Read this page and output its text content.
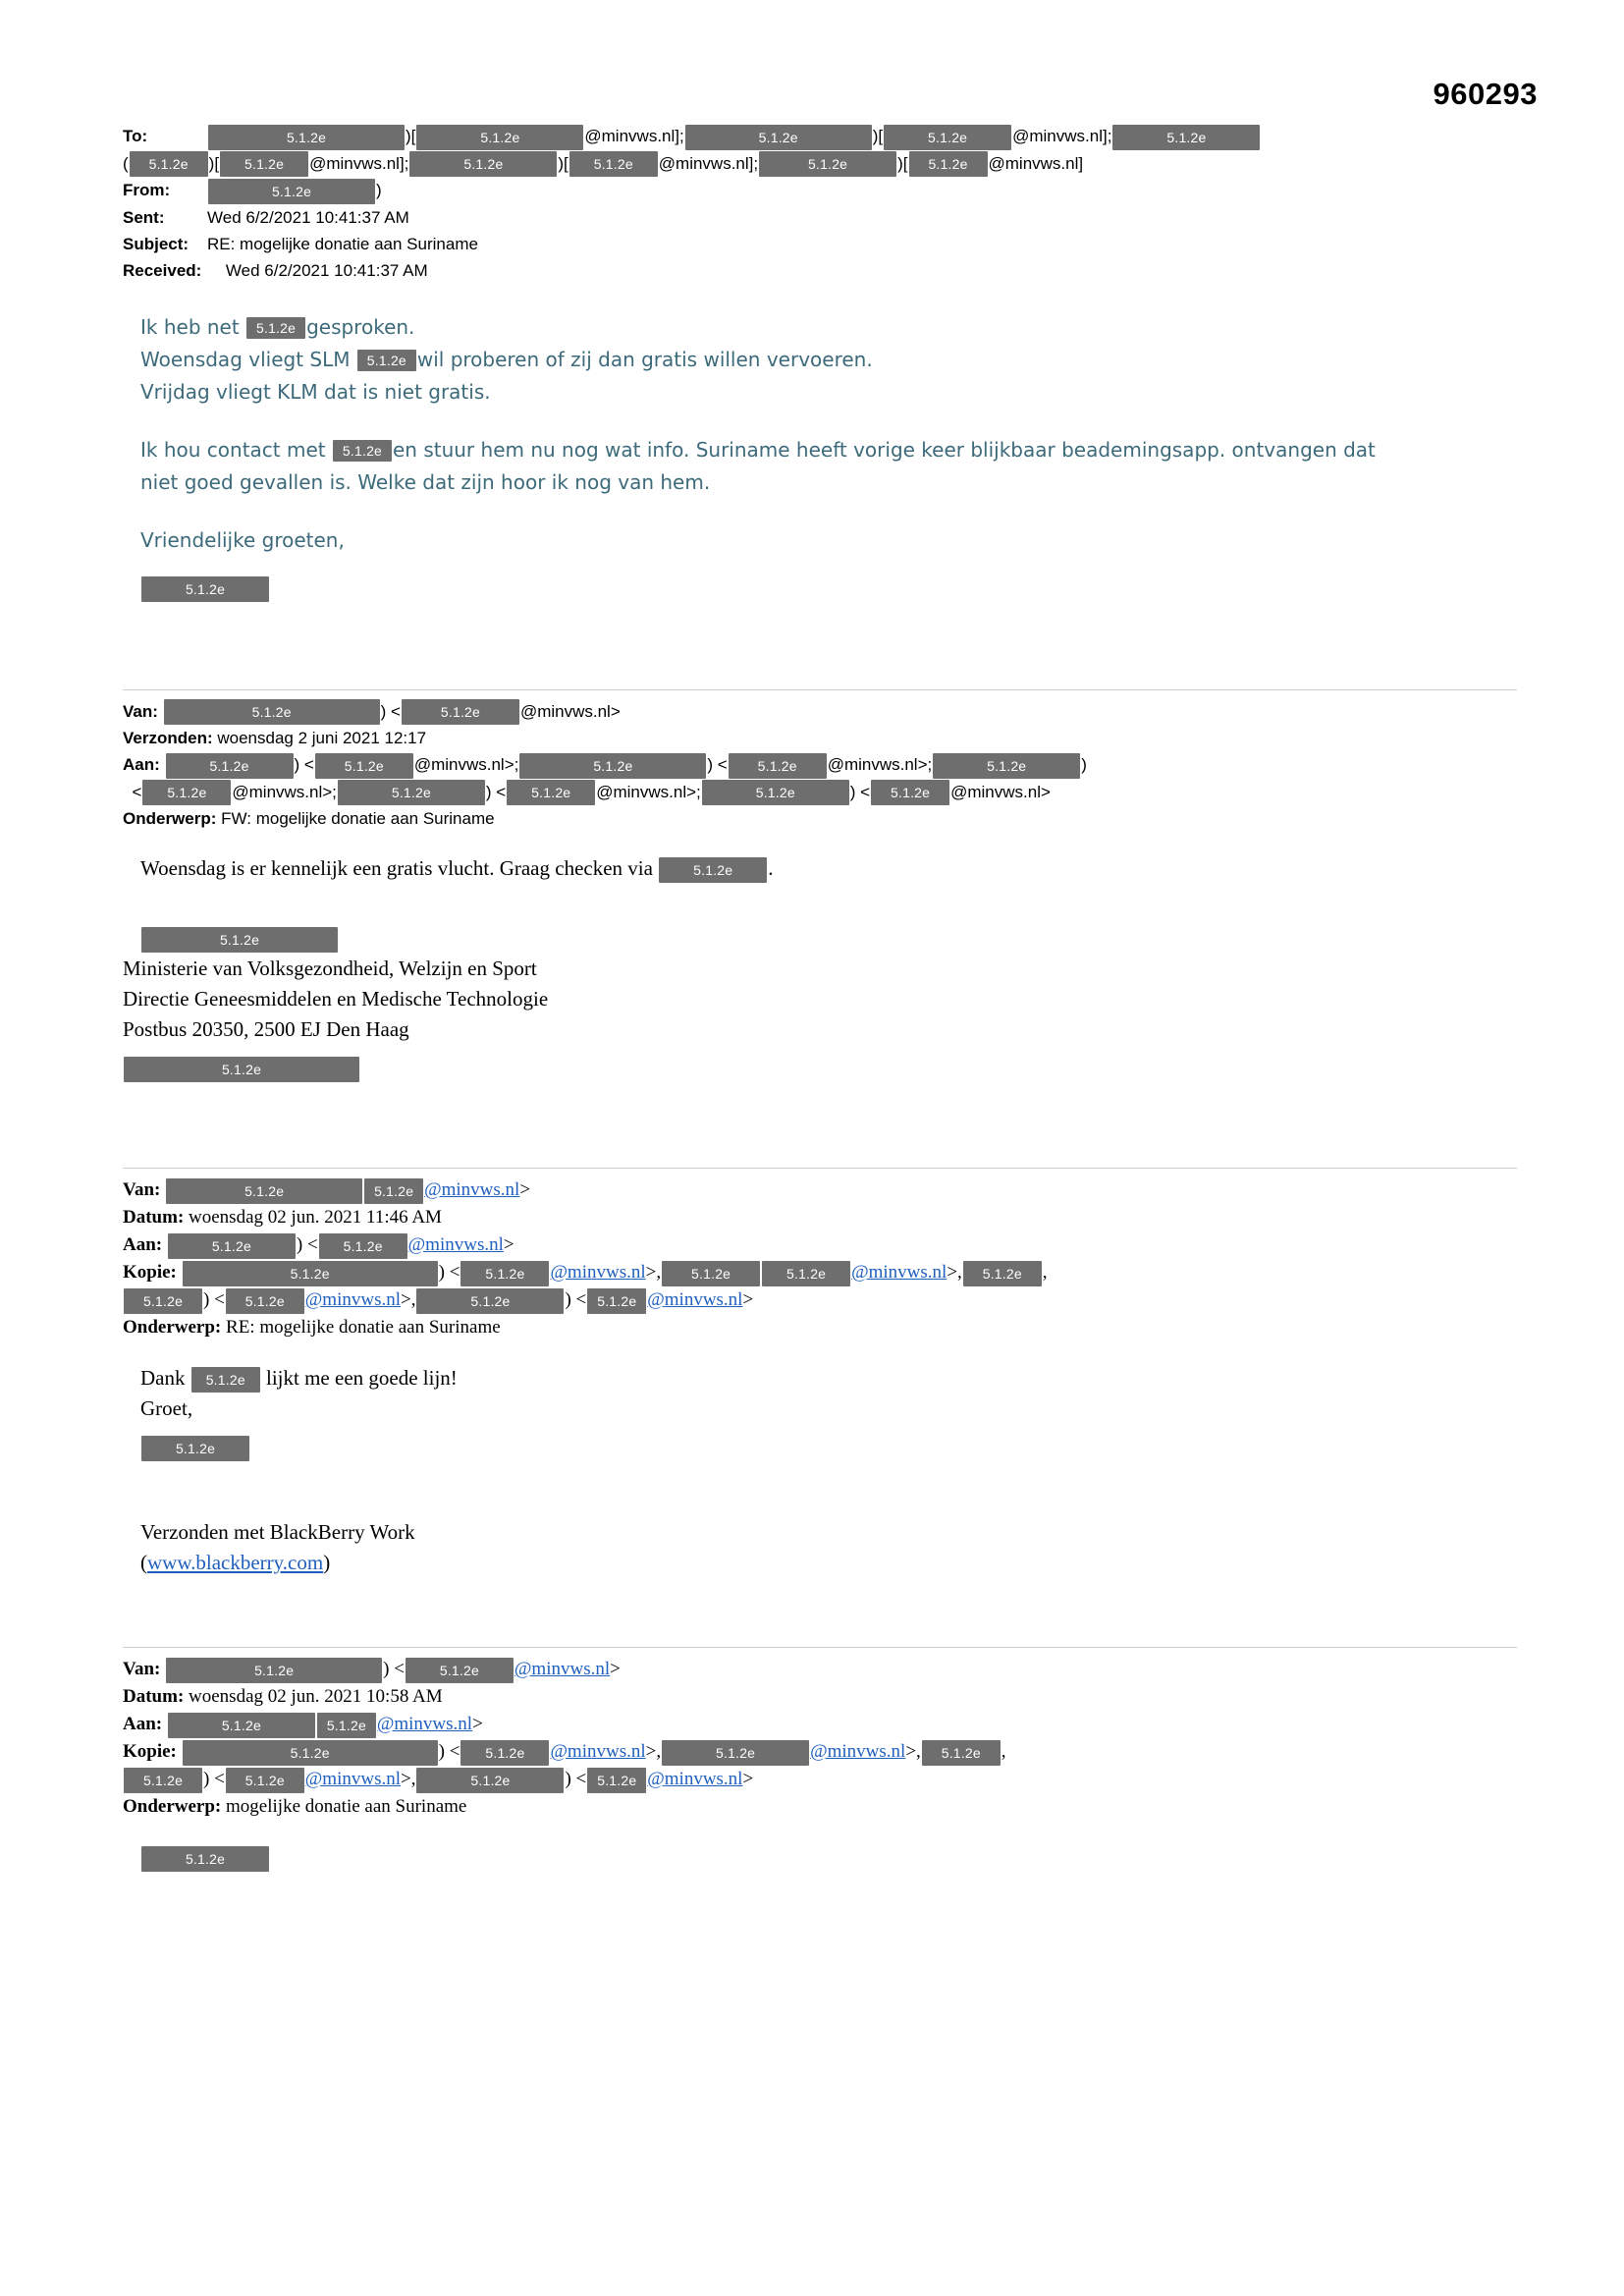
960293
To:	5.1.2e	)[	5.1.2e	@minvws.nl];	5.1.2e	)[	5.1.2e	@minvws.nl];	5.1.2e
( 5.1.2e )[ 5.1.2e @minvws.nl];	5.1.2e	)[ 5.1.2e @minvws.nl];	5.1.2e	)[ 5.1.2e @minvws.nl]
From:	5.1.2e	)
Sent:	Wed 6/2/2021 10:41:37 AM
Subject: RE: mogelijke donatie aan Suriname
Received: Wed 6/2/2021 10:41:37 AM

Ik heb net 5.1.2e gesproken.

Woensdag vliegt SLM 5.1.2e wil proberen of zij dan gratis willen vervoeren.

Vrijdag vliegt KLM dat is niet gratis.

Ik hou contact met 5.1.2e en stuur hem nu nog wat info. Suriname heeft vorige keer blijkbaar beademingsapp. ontvangen dat

niet goed gevallen is. Welke dat zijn hoor ik nog van hem.

Vriendelijke groeten,

5.1.2e

Van:	5.1.2e	) <	5.1.2e @minvws.nl>
Verzonden: woensdag 2 juni 2021 12:17
Aan:	5.1.2e	) < 5.1.2e @minvws.nl>;	5.1.2e	) < 5.1.2e @minvws.nl>;	5.1.2e	)
< 5.1.2e @minvws.nl>;	5.1.2e	) < 5.1.2e @minvws.nl>;	5.1.2e	) < 5.1.2e @minvws.nl>
Onderwerp: FW: mogelijke donatie aan Suriname

Woensdag is er kennelijk een gratis vlucht. Graag checken via	5.1.2e .

5.1.2e

Ministerie van Volksgezondheid, Welzijn en Sport
Directie Geneesmiddelen en Medische Technologie
Postbus 20350, 2500 EJ Den Haag
5.1.2e
Van:	5.1.2e	5.1.2e @minvws.nl>
Datum: woensdag 02 jun. 2021 11:46 AM
Aan:	5.1.2e ) < 5.1.2e @minvws.nl>
Kopie:	5.1.2e	) < 5.1.2e @minvws.nl>, 5.1.2e	5.1.2e @minvws.nl>, 5.1.2e ,
5.1.2e ) < 5.1.2e @minvws.nl>,	5.1.2e	) < 5.1.2e @minvws.nl>
Onderwerp: RE: mogelijke donatie aan Suriname

Dank 5.1.2e lijkt me een goede lijn!

Groet,

5.1.2e

Verzonden met BlackBerry Work

(www.blackberry.com)

Van:	5.1.2e	) <	5.1.2e @minvws.nl>
Datum: woensdag 02 jun. 2021 10:58 AM
Aan:	5.1.2e	5.1.2e @minvws.nl>
Kopie:	5.1.2e	) < 5.1.2e @minvws.nl>,	5.1.2e	@minvws.nl>, 5.1.2e ,
5.1.2e ) < 5.1.2e @minvws.nl>,	5.1.2e	) < 5.1.2e @minvws.nl>
Onderwerp: mogelijke donatie aan Suriname

5.1.2e
